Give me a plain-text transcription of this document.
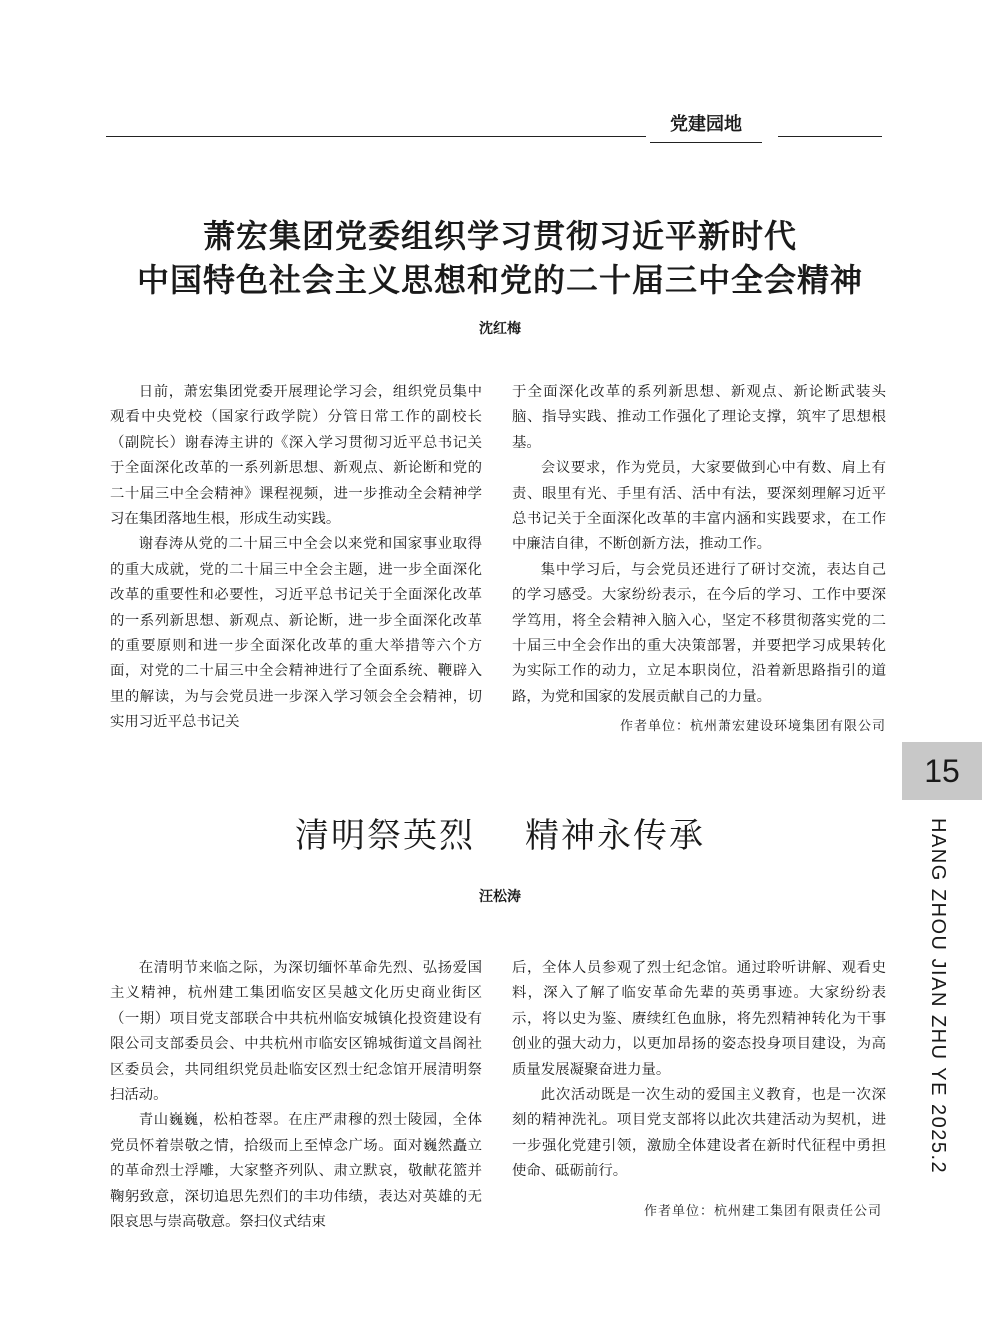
党建园地
萧宏集团党委组织学习贯彻习近平新时代
中国特色社会主义思想和党的二十届三中全会精神
沈红梅

日前，萧宏集团党委开展理论学习会，组织党员集中观看中央党校（国家行政学院）分管日常工作的副校长（副院长）谢春涛主讲的《深入学习贯彻习近平总书记关于全面深化改革的一系列新思想、新观点、新论断和党的二十届三中全会精神》课程视频，进一步推动全会精神学习在集团落地生根，形成生动实践。

谢春涛从党的二十届三中全会以来党和国家事业取得的重大成就，党的二十届三中全会主题，进一步全面深化改革的重要性和必要性，习近平总书记关于全面深化改革的一系列新思想、新观点、新论断，进一步全面深化改革的重要原则和进一步全面深化改革的重大举措等六个方面，对党的二十届三中全会精神进行了全面系统、鞭辟入里的解读，为与会党员进一步深入学习领会全会精神，切实用习近平总书记关

于全面深化改革的系列新思想、新观点、新论断武装头脑、指导实践、推动工作强化了理论支撑，筑牢了思想根基。

会议要求，作为党员，大家要做到心中有数、肩上有责、眼里有光、手里有活、活中有法，要深刻理解习近平总书记关于全面深化改革的丰富内涵和实践要求，在工作中廉洁自律，不断创新方法，推动工作。

集中学习后，与会党员还进行了研讨交流，表达自己的学习感受。大家纷纷表示，在今后的学习、工作中要深学笃用，将全会精神入脑入心，坚定不移贯彻落实党的二十届三中全会作出的重大决策部署，并要把学习成果转化为实际工作的动力，立足本职岗位，沿着新思路指引的道路，为党和国家的发展贡献自己的力量。

作者单位：杭州萧宏建设环境集团有限公司
15
HANG ZHOU JIAN ZHU YE 2025.2
清明祭英烈 精神永传承
汪松涛

在清明节来临之际，为深切缅怀革命先烈、弘扬爱国主义精神，杭州建工集团临安区吴越文化历史商业街区（一期）项目党支部联合中共杭州临安城镇化投资建设有限公司支部委员会、中共杭州市临安区锦城街道文昌阁社区委员会，共同组织党员赴临安区烈士纪念馆开展清明祭扫活动。

青山巍巍，松柏苍翠。在庄严肃穆的烈士陵园，全体党员怀着崇敬之情，拾级而上至悼念广场。面对巍然矗立的革命烈士浮雕，大家整齐列队、肃立默哀，敬献花篮并鞠躬致意，深切追思先烈们的丰功伟绩，表达对英雄的无限哀思与崇高敬意。祭扫仪式结束

后，全体人员参观了烈士纪念馆。通过聆听讲解、观看史料，深入了解了临安革命先辈的英勇事迹。大家纷纷表示，将以史为鉴、赓续红色血脉，将先烈精神转化为干事创业的强大动力，以更加昂扬的姿态投身项目建设，为高质量发展凝聚奋进力量。

此次活动既是一次生动的爱国主义教育，也是一次深刻的精神洗礼。项目党支部将以此次共建活动为契机，进一步强化党建引领，激励全体建设者在新时代征程中勇担使命、砥砺前行。

作者单位：杭州建工集团有限责任公司
